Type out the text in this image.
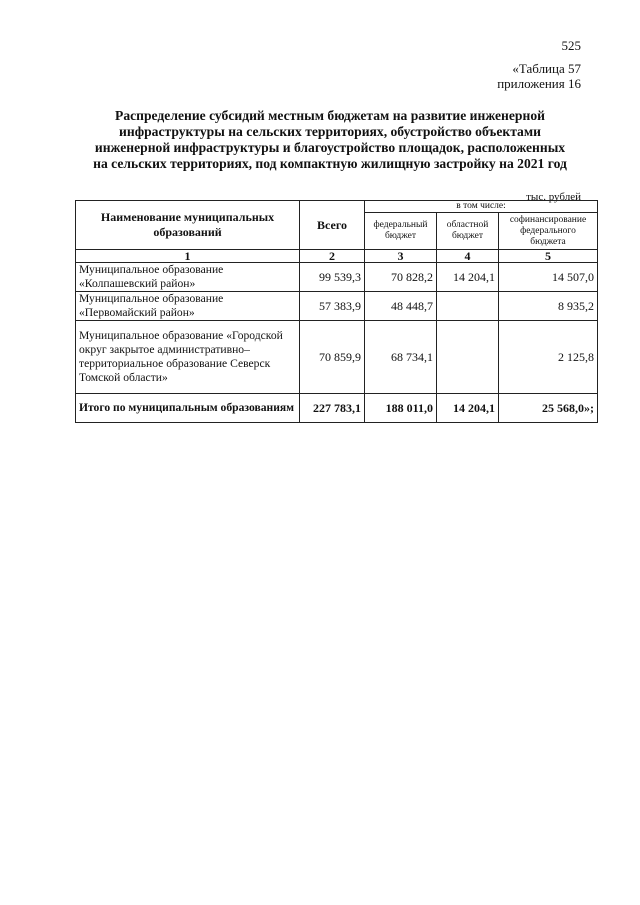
525
«Таблица 57
приложения 16
Распределение субсидий местным бюджетам на развитие инженерной
инфраструктуры на сельских территориях, обустройство объектами
инженерной инфраструктуры и благоустройство площадок, расположенных
на сельских территориях, под компактную жилищную застройку на 2021 год
тыс. рублей
Наименование муниципальных образований	Всего	в том числе:		
		федеральный бюджет	областной бюджет	софинансирование федерального бюджета
1	2	3	4	5
Муниципальное образование «Колпашевский район»	99 539,3	70 828,2	14 204,1	14 507,0
Муниципальное образование «Первомайский район»	57 383,9	48 448,7		8 935,2
Муниципальное образование «Городской округ закрытое административно–территориальное образование Северск Томской области»	70 859,9	68 734,1		2 125,8
Итого по муниципальным образованиям	227 783,1	188 011,0	14 204,1	25 568,0»;
